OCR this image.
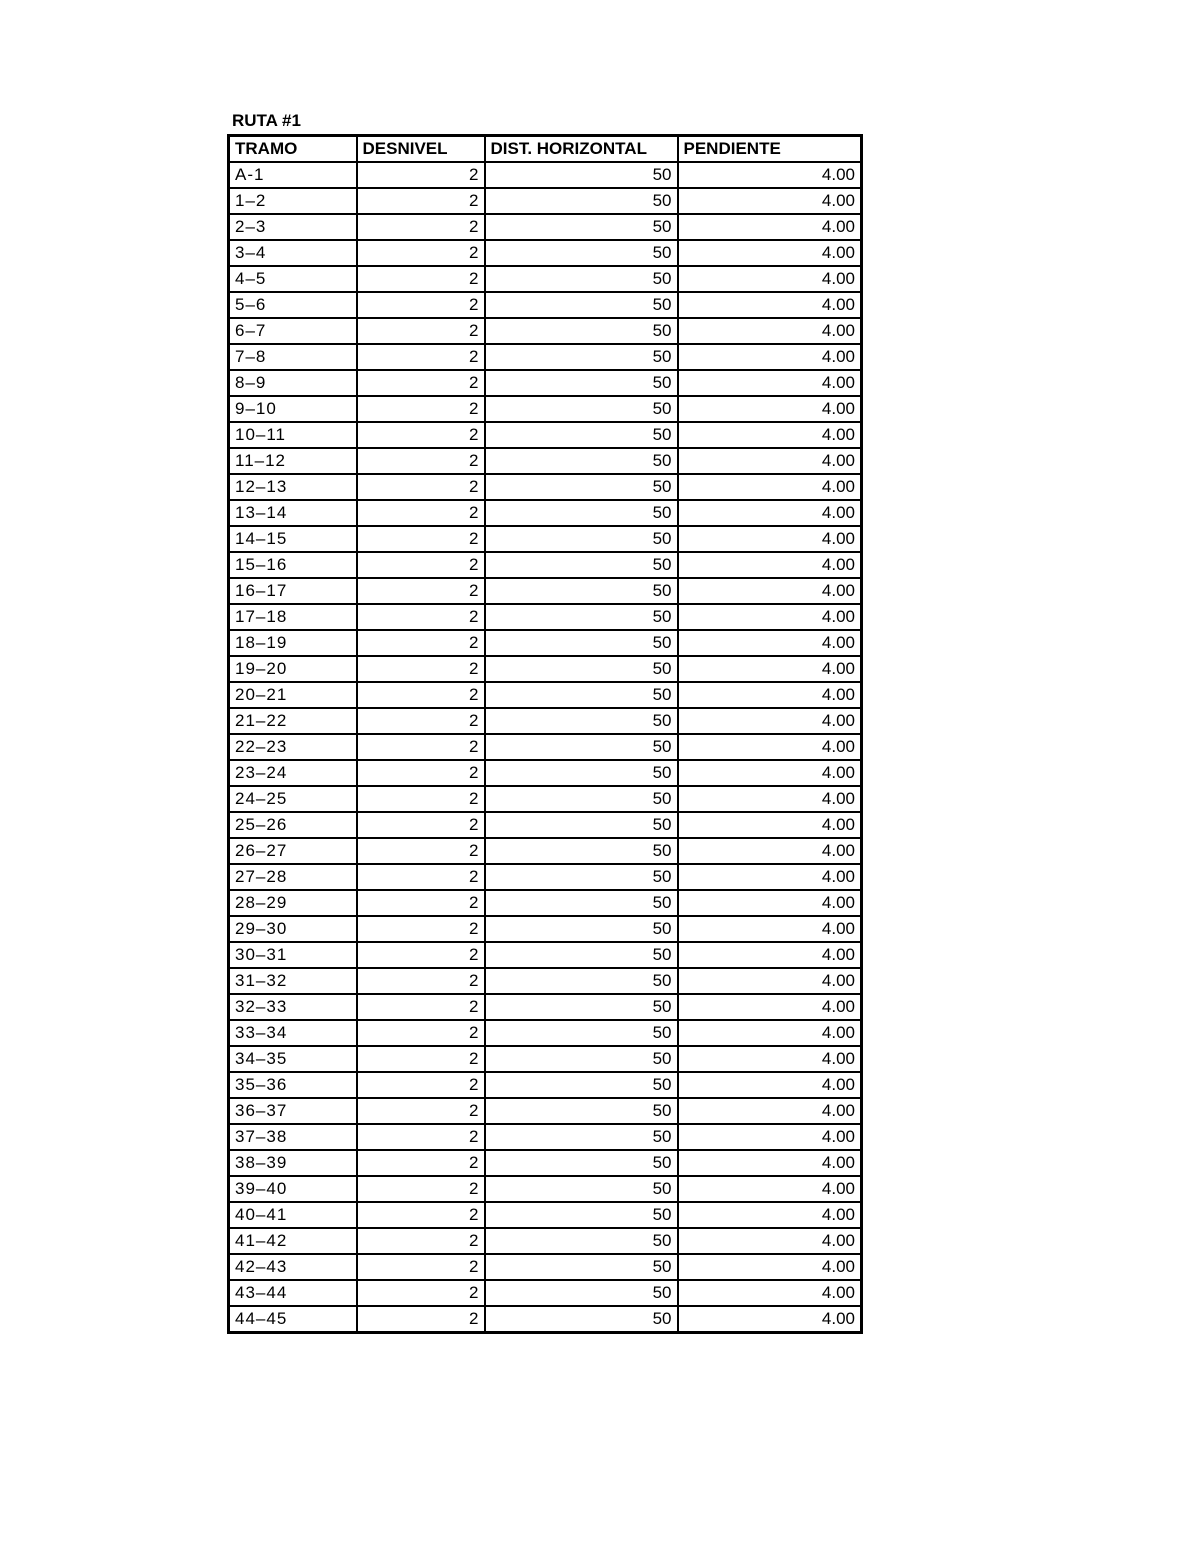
RUTA #1
TRAMO	DESNIVEL	DIST. HORIZONTAL	PENDIENTE
A-1	2	50	4.00
1–2	2	50	4.00
2–3	2	50	4.00
3–4	2	50	4.00
4–5	2	50	4.00
5–6	2	50	4.00
6–7	2	50	4.00
7–8	2	50	4.00
8–9	2	50	4.00
9–10	2	50	4.00
10–11	2	50	4.00
11–12	2	50	4.00
12–13	2	50	4.00
13–14	2	50	4.00
14–15	2	50	4.00
15–16	2	50	4.00
16–17	2	50	4.00
17–18	2	50	4.00
18–19	2	50	4.00
19–20	2	50	4.00
20–21	2	50	4.00
21–22	2	50	4.00
22–23	2	50	4.00
23–24	2	50	4.00
24–25	2	50	4.00
25–26	2	50	4.00
26–27	2	50	4.00
27–28	2	50	4.00
28–29	2	50	4.00
29–30	2	50	4.00
30–31	2	50	4.00
31–32	2	50	4.00
32–33	2	50	4.00
33–34	2	50	4.00
34–35	2	50	4.00
35–36	2	50	4.00
36–37	2	50	4.00
37–38	2	50	4.00
38–39	2	50	4.00
39–40	2	50	4.00
40–41	2	50	4.00
41–42	2	50	4.00
42–43	2	50	4.00
43–44	2	50	4.00
44–45	2	50	4.00
